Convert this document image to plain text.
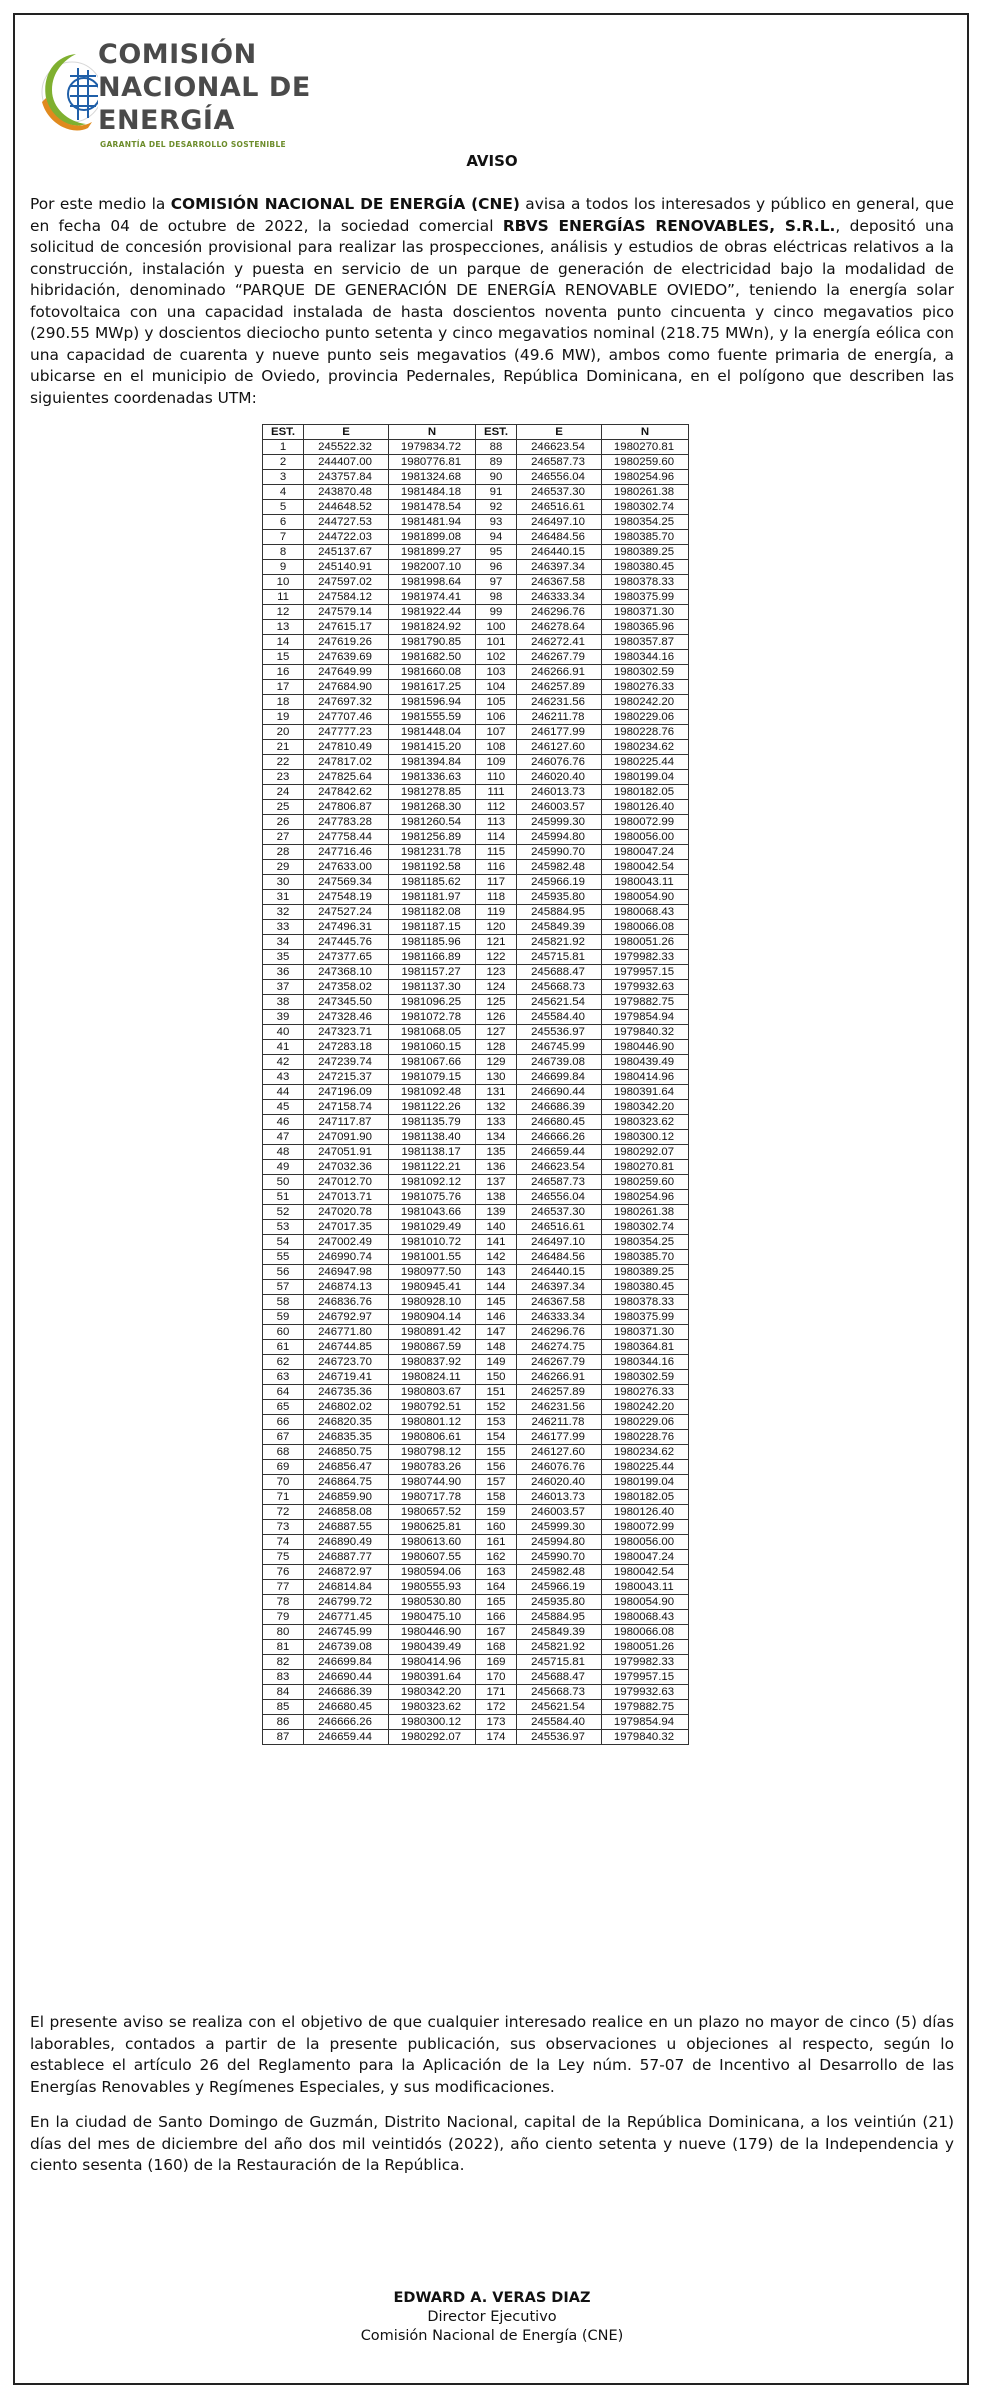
COMISIÓN
NACIONAL DE
ENERGÍA
GARANTÍA DEL DESARROLLO SOSTENIBLE
AVISO
Por este medio la COMISIÓN NACIONAL DE ENERGÍA (CNE) avisa a todos los interesados y público en general, que en fecha 04 de octubre de 2022, la sociedad comercial RBVS ENERGÍAS RENOVABLES, S.R.L., depositó una solicitud de concesión provisional para realizar las prospecciones, análisis y estudios de obras eléctricas relativos a la construcción, instalación y puesta en servicio de un parque de generación de electricidad bajo la modalidad de hibridación, denominado “PARQUE DE GENERACIÓN DE ENERGÍA RENOVABLE OVIEDO”, teniendo la energía solar fotovoltaica con una capacidad instalada de hasta doscientos noventa punto cincuenta y cinco megavatios pico (290.55 MWp) y doscientos dieciocho punto setenta y cinco megavatios nominal (218.75 MWn), y la energía eólica con una capacidad de cuarenta y nueve punto seis megavatios (49.6 MW), ambos como fuente primaria de energía, a ubicarse en el municipio de Oviedo, provincia Pedernales, República Dominicana, en el polígono que describen las siguientes coordenadas UTM:
EST.	E	N	EST.	E	N
1	245522.32	1979834.72	88	246623.54	1980270.81
2	244407.00	1980776.81	89	246587.73	1980259.60
3	243757.84	1981324.68	90	246556.04	1980254.96
4	243870.48	1981484.18	91	246537.30	1980261.38
5	244648.52	1981478.54	92	246516.61	1980302.74
6	244727.53	1981481.94	93	246497.10	1980354.25
7	244722.03	1981899.08	94	246484.56	1980385.70
8	245137.67	1981899.27	95	246440.15	1980389.25
9	245140.91	1982007.10	96	246397.34	1980380.45
10	247597.02	1981998.64	97	246367.58	1980378.33
11	247584.12	1981974.41	98	246333.34	1980375.99
12	247579.14	1981922.44	99	246296.76	1980371.30
13	247615.17	1981824.92	100	246278.64	1980365.96
14	247619.26	1981790.85	101	246272.41	1980357.87
15	247639.69	1981682.50	102	246267.79	1980344.16
16	247649.99	1981660.08	103	246266.91	1980302.59
17	247684.90	1981617.25	104	246257.89	1980276.33
18	247697.32	1981596.94	105	246231.56	1980242.20
19	247707.46	1981555.59	106	246211.78	1980229.06
20	247777.23	1981448.04	107	246177.99	1980228.76
21	247810.49	1981415.20	108	246127.60	1980234.62
22	247817.02	1981394.84	109	246076.76	1980225.44
23	247825.64	1981336.63	110	246020.40	1980199.04
24	247842.62	1981278.85	111	246013.73	1980182.05
25	247806.87	1981268.30	112	246003.57	1980126.40
26	247783.28	1981260.54	113	245999.30	1980072.99
27	247758.44	1981256.89	114	245994.80	1980056.00
28	247716.46	1981231.78	115	245990.70	1980047.24
29	247633.00	1981192.58	116	245982.48	1980042.54
30	247569.34	1981185.62	117	245966.19	1980043.11
31	247548.19	1981181.97	118	245935.80	1980054.90
32	247527.24	1981182.08	119	245884.95	1980068.43
33	247496.31	1981187.15	120	245849.39	1980066.08
34	247445.76	1981185.96	121	245821.92	1980051.26
35	247377.65	1981166.89	122	245715.81	1979982.33
36	247368.10	1981157.27	123	245688.47	1979957.15
37	247358.02	1981137.30	124	245668.73	1979932.63
38	247345.50	1981096.25	125	245621.54	1979882.75
39	247328.46	1981072.78	126	245584.40	1979854.94
40	247323.71	1981068.05	127	245536.97	1979840.32
41	247283.18	1981060.15	128	246745.99	1980446.90
42	247239.74	1981067.66	129	246739.08	1980439.49
43	247215.37	1981079.15	130	246699.84	1980414.96
44	247196.09	1981092.48	131	246690.44	1980391.64
45	247158.74	1981122.26	132	246686.39	1980342.20
46	247117.87	1981135.79	133	246680.45	1980323.62
47	247091.90	1981138.40	134	246666.26	1980300.12
48	247051.91	1981138.17	135	246659.44	1980292.07
49	247032.36	1981122.21	136	246623.54	1980270.81
50	247012.70	1981092.12	137	246587.73	1980259.60
51	247013.71	1981075.76	138	246556.04	1980254.96
52	247020.78	1981043.66	139	246537.30	1980261.38
53	247017.35	1981029.49	140	246516.61	1980302.74
54	247002.49	1981010.72	141	246497.10	1980354.25
55	246990.74	1981001.55	142	246484.56	1980385.70
56	246947.98	1980977.50	143	246440.15	1980389.25
57	246874.13	1980945.41	144	246397.34	1980380.45
58	246836.76	1980928.10	145	246367.58	1980378.33
59	246792.97	1980904.14	146	246333.34	1980375.99
60	246771.80	1980891.42	147	246296.76	1980371.30
61	246744.85	1980867.59	148	246274.75	1980364.81
62	246723.70	1980837.92	149	246267.79	1980344.16
63	246719.41	1980824.11	150	246266.91	1980302.59
64	246735.36	1980803.67	151	246257.89	1980276.33
65	246802.02	1980792.51	152	246231.56	1980242.20
66	246820.35	1980801.12	153	246211.78	1980229.06
67	246835.35	1980806.61	154	246177.99	1980228.76
68	246850.75	1980798.12	155	246127.60	1980234.62
69	246856.47	1980783.26	156	246076.76	1980225.44
70	246864.75	1980744.90	157	246020.40	1980199.04
71	246859.90	1980717.78	158	246013.73	1980182.05
72	246858.08	1980657.52	159	246003.57	1980126.40
73	246887.55	1980625.81	160	245999.30	1980072.99
74	246890.49	1980613.60	161	245994.80	1980056.00
75	246887.77	1980607.55	162	245990.70	1980047.24
76	246872.97	1980594.06	163	245982.48	1980042.54
77	246814.84	1980555.93	164	245966.19	1980043.11
78	246799.72	1980530.80	165	245935.80	1980054.90
79	246771.45	1980475.10	166	245884.95	1980068.43
80	246745.99	1980446.90	167	245849.39	1980066.08
81	246739.08	1980439.49	168	245821.92	1980051.26
82	246699.84	1980414.96	169	245715.81	1979982.33
83	246690.44	1980391.64	170	245688.47	1979957.15
84	246686.39	1980342.20	171	245668.73	1979932.63
85	246680.45	1980323.62	172	245621.54	1979882.75
86	246666.26	1980300.12	173	245584.40	1979854.94
87	246659.44	1980292.07	174	245536.97	1979840.32
El presente aviso se realiza con el objetivo de que cualquier interesado realice en un plazo no mayor de cinco (5) días laborables, contados a partir de la presente publicación, sus observaciones u objeciones al respecto, según lo establece el artículo 26 del Reglamento para la Aplicación de la Ley núm. 57-07 de Incentivo al Desarrollo de las Energías Renovables y Regímenes Especiales, y sus modificaciones.
En la ciudad de Santo Domingo de Guzmán, Distrito Nacional, capital de la República Dominicana, a los veintiún (21) días del mes de diciembre del año dos mil veintidós (2022), año ciento setenta y nueve (179) de la Independencia y ciento sesenta (160) de la Restauración de la República.
EDWARD A. VERAS DIAZ
Director Ejecutivo
Comisión Nacional de Energía (CNE)
